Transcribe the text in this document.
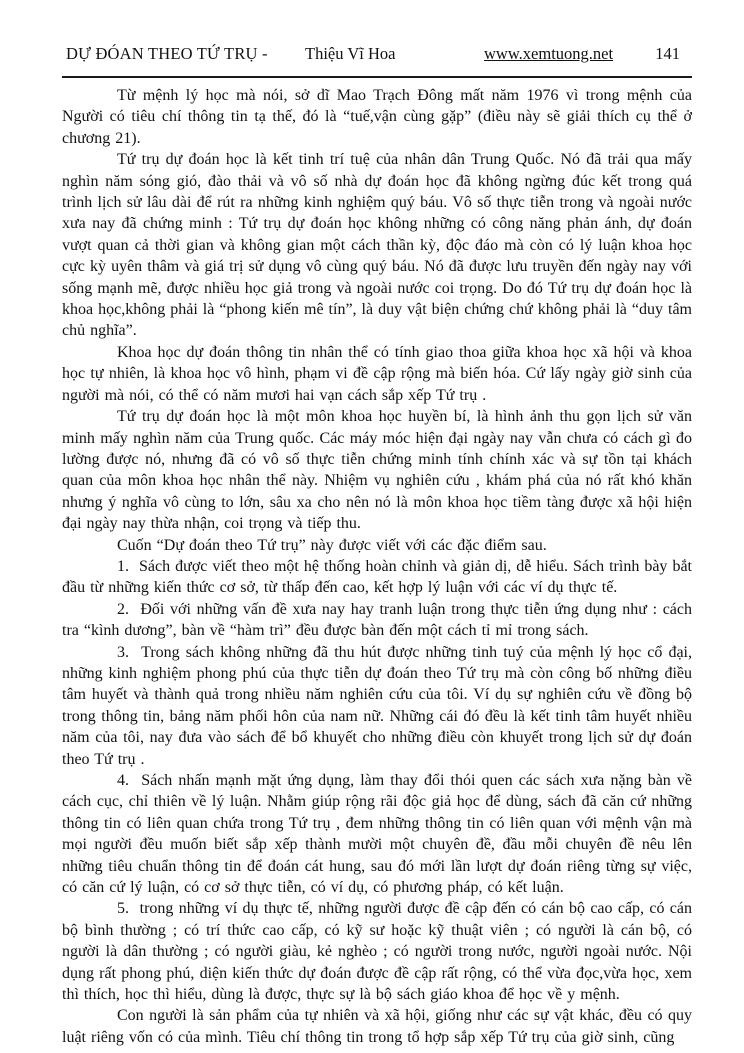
DỰ ĐÓAN THEO TỨ TRỤ - Thiệu Vĩ Hoa	www.xemtuong.net	141

Từ mệnh lý học mà nói, sở dĩ Mao Trạch Đông mất năm 1976 vì trong mệnh của Người có tiêu chí thông tin tạ thế, đó là “tuế,vận cùng gặp” (điều này sẽ giải thích cụ thể ở chương 21).

Tứ trụ dự đoán học là kết tinh trí tuệ của nhân dân Trung Quốc. Nó đã trải qua mấy nghìn năm sóng gió, đào thải và vô số nhà dự đoán học đã không ngừng đúc kết trong quá trình lịch sử lâu dài để rút ra những kinh nghiệm quý báu. Vô số thực tiễn trong và ngoài nước xưa nay đã chứng minh : Tứ trụ dự đoán học không những có công năng phản ánh, dự đoán vượt quan cả thời gian và không gian một cách thần kỳ, độc đáo mà còn có lý luận khoa học cực kỳ uyên thâm và giá trị sử dụng vô cùng quý báu. Nó đã được lưu truyền đến ngày nay với sống mạnh mẽ, được nhiều học giả trong và ngoài nước coi trọng. Do đó Tứ trụ dự đoán học là khoa học,không phải là “phong kiến mê tín”, là duy vật biện chứng chứ không phải là “duy tâm chủ nghĩa”.

Khoa học dự đoán thông tin nhân thể có tính giao thoa giữa khoa học xã hội và khoa học tự nhiên, là khoa học vô hình, phạm vi đề cập rộng mà biến hóa. Cứ lấy ngày giờ sinh của người mà nói, có thể có năm mươi hai vạn cách sắp xếp Tứ trụ .

Tứ trụ dự đoán học là một môn khoa học huyền bí, là hình ảnh thu gọn lịch sử văn minh mấy nghìn năm của Trung quốc. Các máy móc hiện đại ngày nay vẫn chưa có cách gì đo lường được nó, nhưng đã có vô số thực tiễn chứng minh tính chính xác và sự tồn tại khách quan của môn khoa học nhân thể này. Nhiệm vụ nghiên cứu , khám phá của nó rất khó khăn nhưng ý nghĩa vô cùng to lớn, sâu xa cho nên nó là môn khoa học tiềm tàng được xã hội hiện đại ngày nay thừa nhận, coi trọng và tiếp thu.

Cuốn “Dự đoán theo Tứ trụ” này được viết với các đặc điểm sau.

1.  Sách được viết theo một hệ thống hoàn chỉnh và giản dị, dễ hiểu. Sách trình bày bắt đầu từ những kiến thức cơ sở, từ thấp đến cao, kết hợp lý luận với các ví dụ thực tế.

2.  Đối với những vấn đề xưa nay hay tranh luận trong thực tiễn ứng dụng như : cách tra “kình dương”, bàn về “hàm trì” đều được bàn đến một cách tỉ mỉ trong sách.

3.  Trong sách không những đã thu hút được những tinh tuý của mệnh lý học cổ đại, những kinh nghiệm phong phú của thực tiễn dự đoán theo Tứ trụ mà còn công bố những điều tâm huyết và thành quả trong nhiều năm nghiên cứu của tôi. Ví dụ sự nghiên cứu về đồng bộ trong thông tin, bảng năm phối hôn của nam nữ. Những cái đó đều là kết tinh tâm huyết nhiều năm của tôi, nay đưa vào sách để bổ khuyết cho những điều còn khuyết trong lịch sử dự đoán theo Tứ trụ .

4.  Sách nhấn mạnh mặt ứng dụng, làm thay đổi thói quen các sách xưa nặng bàn về cách cục, chỉ thiên về lý luận. Nhằm giúp rộng rãi độc giả học để dùng, sách đã căn cứ những thông tin có liên quan chứa trong Tứ trụ , đem những thông tin có liên quan với mệnh vận mà mọi người đều muốn biết sắp xếp thành mười một chuyên đề, đầu mỗi chuyên đề nêu lên những tiêu chuẩn thông tin để đoán cát hung, sau đó mới lần lượt dự đoán riêng từng sự việc, có căn cứ lý luận, có cơ sở thực tiễn, có ví dụ, có phương pháp, có kết luận.

5.  trong những ví dụ thực tế, những người được đề cập đến có cán bộ cao cấp, có cán bộ bình thường ; có trí thức cao cấp, có kỹ sư hoặc kỹ thuật viên ; có người là cán bộ, có người là dân thường ; có người giàu, kẻ nghèo ; có người trong nước, người ngoài nước. Nội dụng rất phong phú, diện kiến thức dự đoán được đề cập rất rộng, có thể vừa đọc,vừa học, xem thì thích, học thì hiểu, dùng là được, thực sự là bộ sách giáo khoa để học về y mệnh.

Con người là sản phẩm của tự nhiên và xã hội, giống như các sự vật khác, đều có quy luật riêng vốn có của mình. Tiêu chí thông tin trong tổ hợp sắp xếp Tứ trụ của giờ sinh, cũng
